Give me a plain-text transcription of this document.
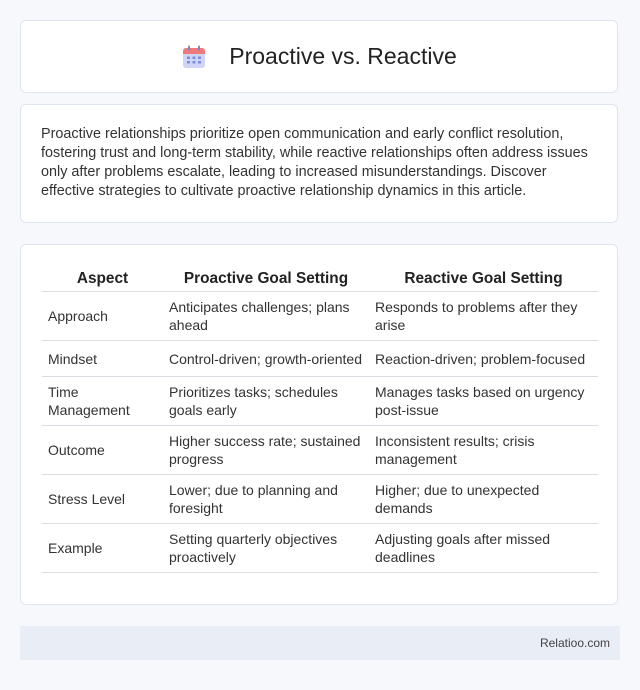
Proactive vs. Reactive

Proactive relationships prioritize open communication and early conflict resolution, fostering trust and long-term stability, while reactive relationships often address issues only after problems escalate, leading to increased misunderstandings. Discover effective strategies to cultivate proactive relationship dynamics in this article.

Aspect	Proactive Goal Setting	Reactive Goal Setting
Approach	Anticipates challenges; plans ahead	Responds to problems after they arise
Mindset	Control-driven; growth-oriented	Reaction-driven; problem-focused
Time Management	Prioritizes tasks; schedules goals early	Manages tasks based on urgency post-issue
Outcome	Higher success rate; sustained progress	Inconsistent results; crisis management
Stress Level	Lower; due to planning and foresight	Higher; due to unexpected demands
Example	Setting quarterly objectives proactively	Adjusting goals after missed deadlines
Relatioo.com
